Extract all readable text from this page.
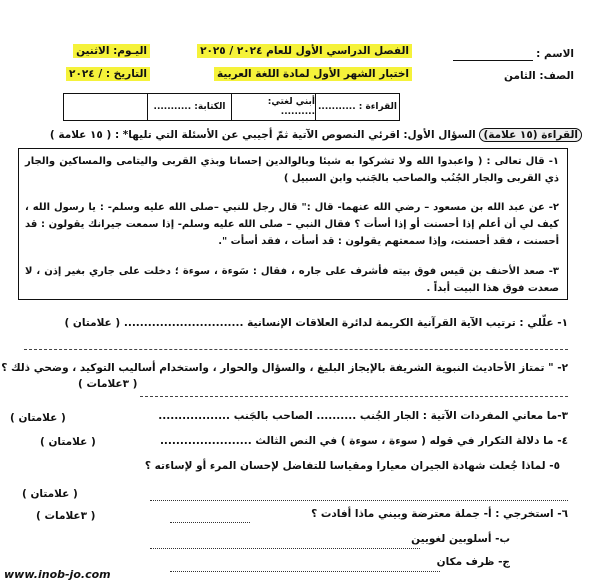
الاسم :
الفصل الدراسي الأول للعام ٢٠٢٤ / ٢٠٢٥
اليـوم: الاثنين
الصف: الثامن
اختبار الشهر الأول لمادة اللغة العربية
التاريخ : / ٢٠٢٤
القراءة : ...........
أبني لغتي: ..........
الكتابة: ...........
القراءة (١٥ علامة) السؤال الأول: اقرئي النصوص الآتية ثمّ أجيبي عن الأسئلة التي تليها* : ( ١٥ علامة )
١- قال تعالى : ( واعبدوا الله ولا تشركوا به شيئا وبالوالدين إحسانا وبذي القربى واليتامى والمساكين والجار ذي القربى والجار الجُنُب والصاحب بالجَنب وابن السبيل )
٢- عن عبد الله بن مسعود – رضي الله عنهما- قال :" قال رجل للنبي –صلى الله عليه وسلم- : يا رسول الله ، كيف لي أن أعلم إذا أحسنت أو إذا أسأت ؟ فقال النبي – صلى الله عليه وسلم- إذا سمعت جيرانك يقولون : قد أحسنت ، فقد أحسنت، وإذا سمعتهم يقولون : قد أسأت ، فقد أسأت ".
٣- صعد الأحنف بن قيس فوق بيته فأشرف على جاره ، فقال : سَوءة ، سوءة ؛ دخلت على جاري بغير إذن ، لا صعدت فوق هذا البيت أبداً .
١- علّلي : ترتيب الآية القرآنية الكريمة لدائرة العلاقات الإنسانية .............................. ( علامتان )
٢- " تمتاز الأحاديث النبوية الشريفة بالإيجاز البليغ ، والسؤال والحوار ، واستخدام أساليب التوكيد ، وضحي ذلك ؟
( ٣علامات )
٣-ما معاني المفردات الآتية : الجار الجُنب .......... الصاحب بالجَنب ..................
( علامتان )
٤- ما دلالة التكرار في قوله ( سوءة ، سوءة ) في النص الثالث .......................
( علامتان )
٥- لماذا جُعلت شهادة الجيران معيارا ومقياسا للتفاضل لإحسان المرء أو لإساءته ؟
( علامتان )
٦- استخرجي : أ- جملة معترضة وبيني ماذا أفادت ؟
( ٣علامات )
ب- أسلوبين لغويين
ج- ظرف مكان
www.inob-jo.com
